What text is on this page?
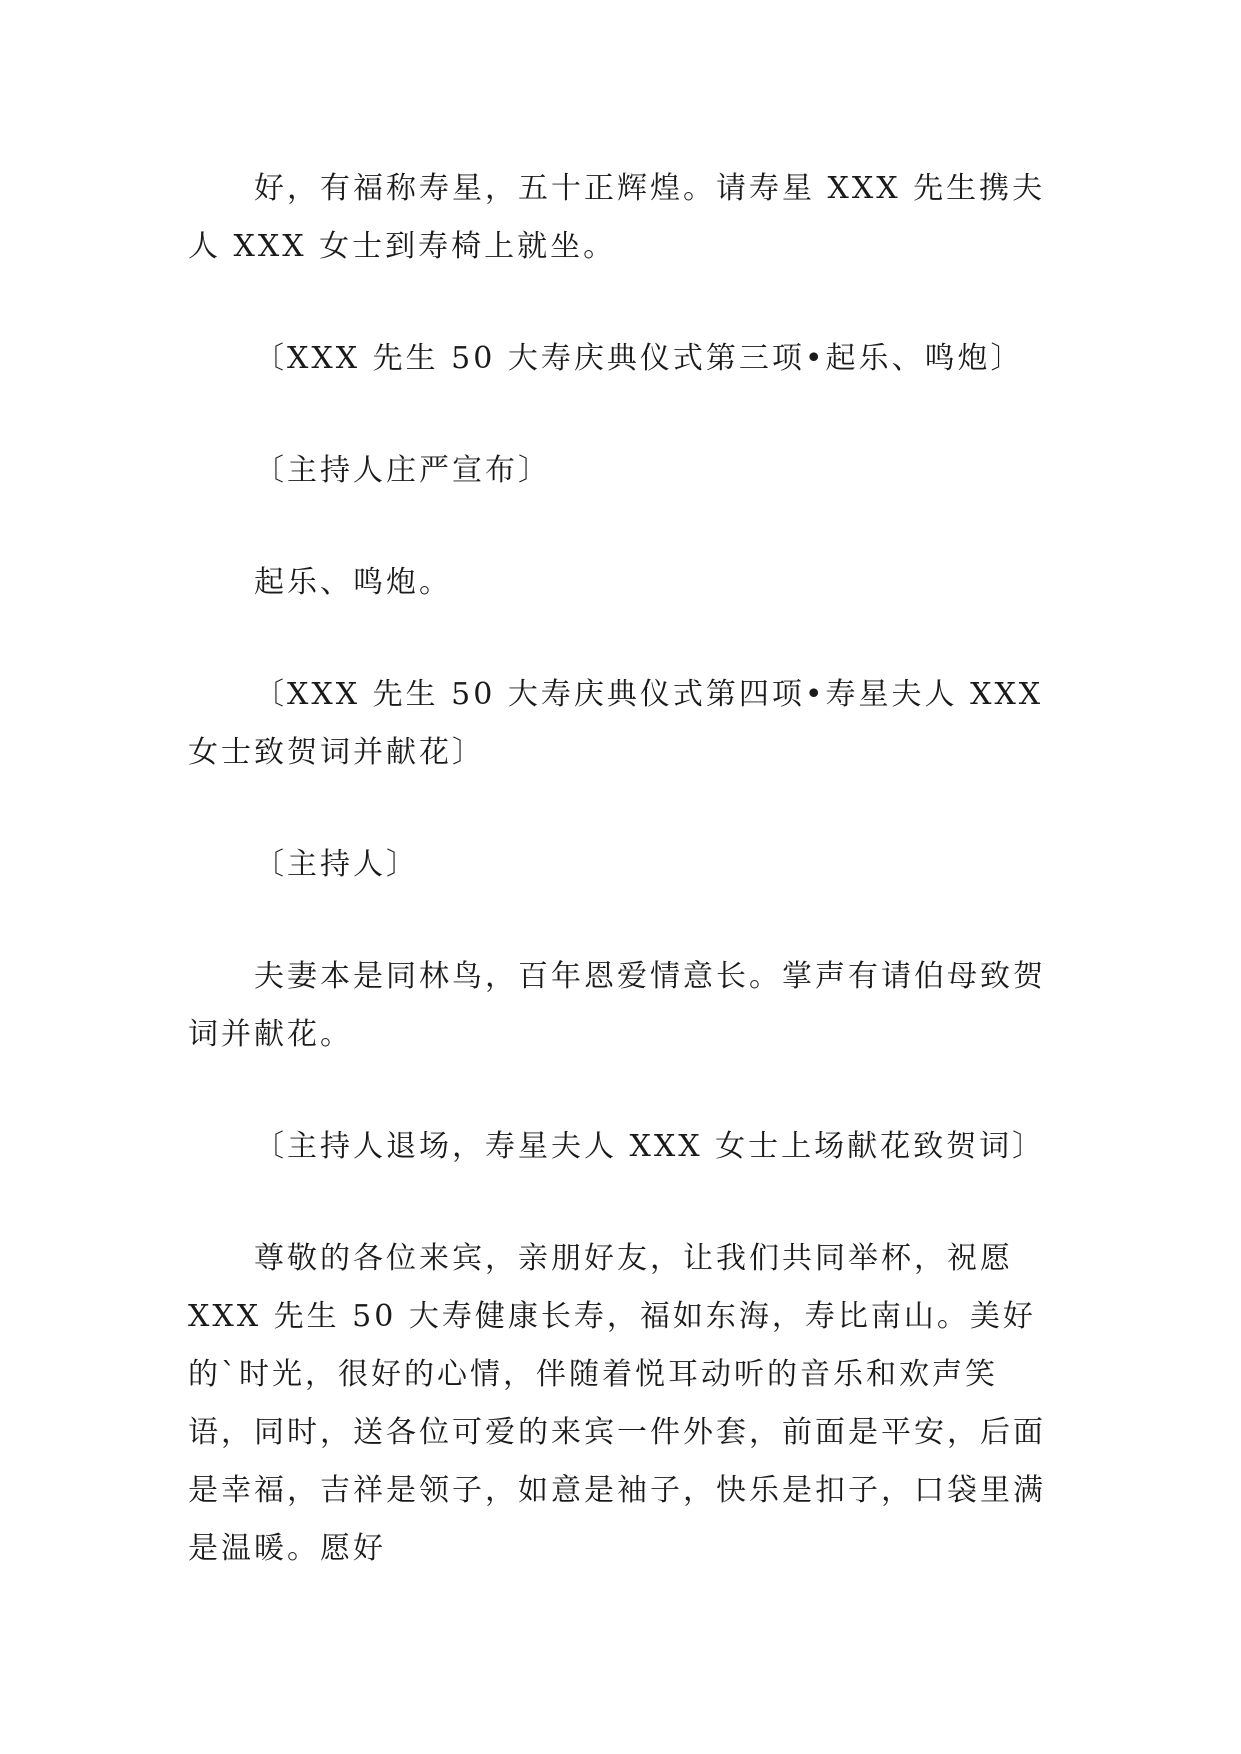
好，有福称寿星，五十正辉煌。请寿星 XXX 先生携夫人 XXX 女士到寿椅上就坐。

〔XXX 先生 50 大寿庆典仪式第三项•起乐、鸣炮〕

〔主持人庄严宣布〕

起乐、鸣炮。

〔XXX 先生 50 大寿庆典仪式第四项•寿星夫人 XXX 女士致贺词并献花〕

〔主持人〕

夫妻本是同林鸟，百年恩爱情意长。掌声有请伯母致贺词并献花。

〔主持人退场，寿星夫人 XXX 女士上场献花致贺词〕

尊敬的各位来宾，亲朋好友，让我们共同举杯，祝愿 XXX 先生 50 大寿健康长寿，福如东海，寿比南山。美好的`时光，很好的心情，伴随着悦耳动听的音乐和欢声笑语，同时，送各位可爱的来宾一件外套，前面是平安，后面是幸福，吉祥是领子，如意是袖子，快乐是扣子，口袋里满是温暖。愿好
